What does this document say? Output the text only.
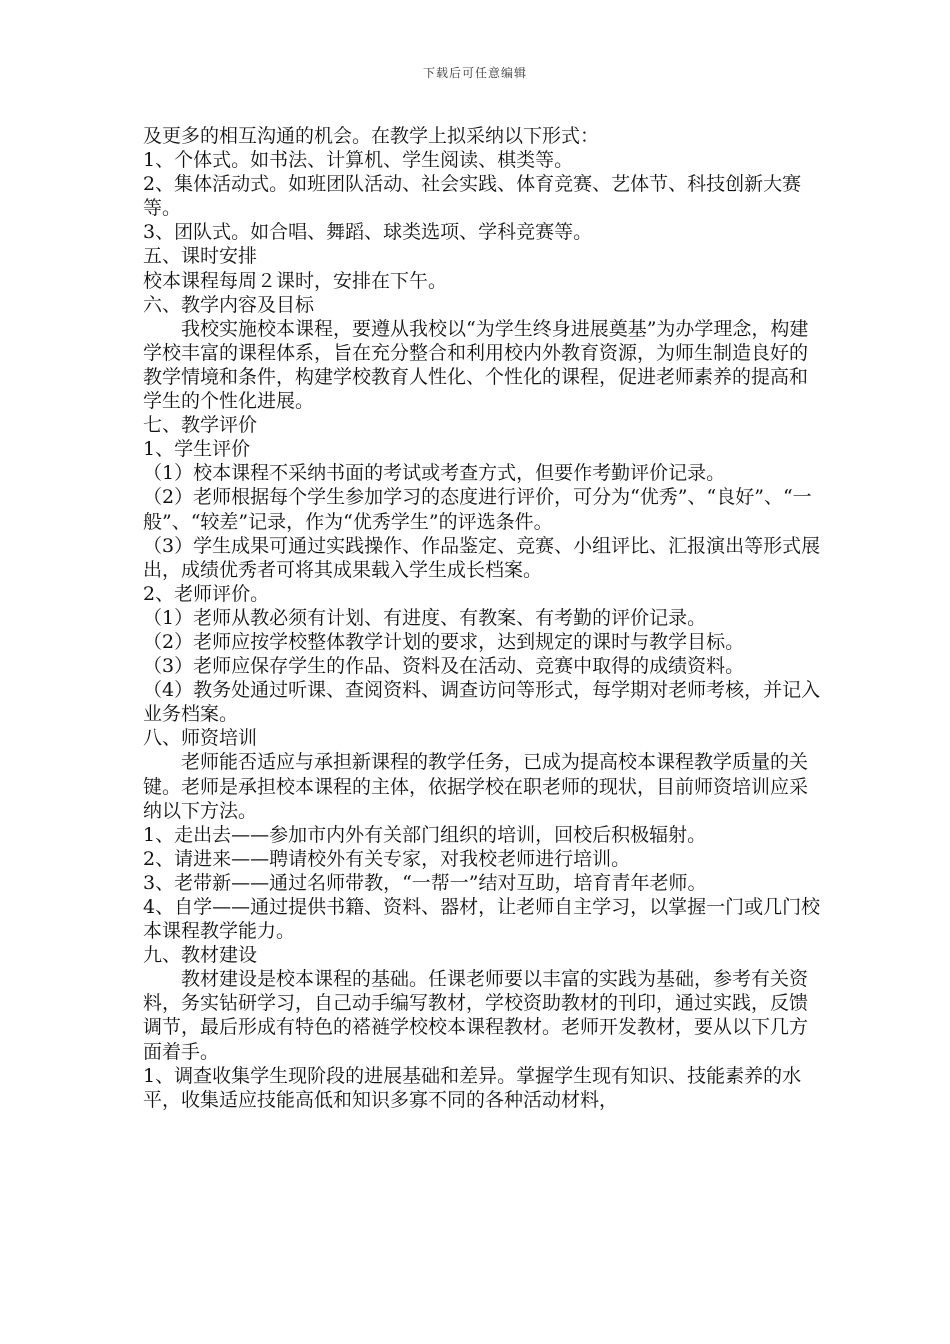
下载后可任意编辑

及更多的相互沟通的机会。在教学上拟采纳以下形式：

1、个体式。如书法、计算机、学生阅读、棋类等。

2、集体活动式。如班团队活动、社会实践、体育竞赛、艺体节、科技创新大赛等。

3、团队式。如合唱、舞蹈、球类选项、学科竞赛等。

五、课时安排

校本课程每周２课时，安排在下午。

六、教学内容及目标

我校实施校本课程，要遵从我校以“为学生终身进展奠基”为办学理念，构建学校丰富的课程体系，旨在充分整合和利用校内外教育资源，为师生制造良好的教学情境和条件，构建学校教育人性化、个性化的课程，促进老师素养的提高和学生的个性化进展。

七、教学评价

1、学生评价

（1）校本课程不采纳书面的考试或考查方式，但要作考勤评价记录。

（2）老师根据每个学生参加学习的态度进行评价，可分为“优秀”、“良好”、“一般”、“较差”记录，作为“优秀学生”的评选条件。

（3）学生成果可通过实践操作、作品鉴定、竞赛、小组评比、汇报演出等形式展出，成绩优秀者可将其成果载入学生成长档案。

2、老师评价。

（1）老师从教必须有计划、有进度、有教案、有考勤的评价记录。

（2）老师应按学校整体教学计划的要求，达到规定的课时与教学目标。

（3）老师应保存学生的作品、资料及在活动、竞赛中取得的成绩资料。

（4）教务处通过听课、查阅资料、调查访问等形式，每学期对老师考核，并记入业务档案。

八、师资培训

老师能否适应与承担新课程的教学任务，已成为提高校本课程教学质量的关键。老师是承担校本课程的主体，依据学校在职老师的现状，目前师资培训应采纳以下方法。

1、走出去——参加市内外有关部门组织的培训，回校后积极辐射。

2、请进来——聘请校外有关专家，对我校老师进行培训。

3、老带新——通过名师带教，“一帮一”结对互助，培育青年老师。

4、自学——通过提供书籍、资料、器材，让老师自主学习，以掌握一门或几门校本课程教学能力。

九、教材建设

教材建设是校本课程的基础。任课老师要以丰富的实践为基础，参考有关资料，务实钻研学习，自己动手编写教材，学校资助教材的刊印，通过实践，反馈调节，最后形成有特色的褡裢学校校本课程教材。老师开发教材，要从以下几方面着手。

1、调查收集学生现阶段的进展基础和差异。掌握学生现有知识、技能素养的水平，收集适应技能高低和知识多寡不同的各种活动材料，
